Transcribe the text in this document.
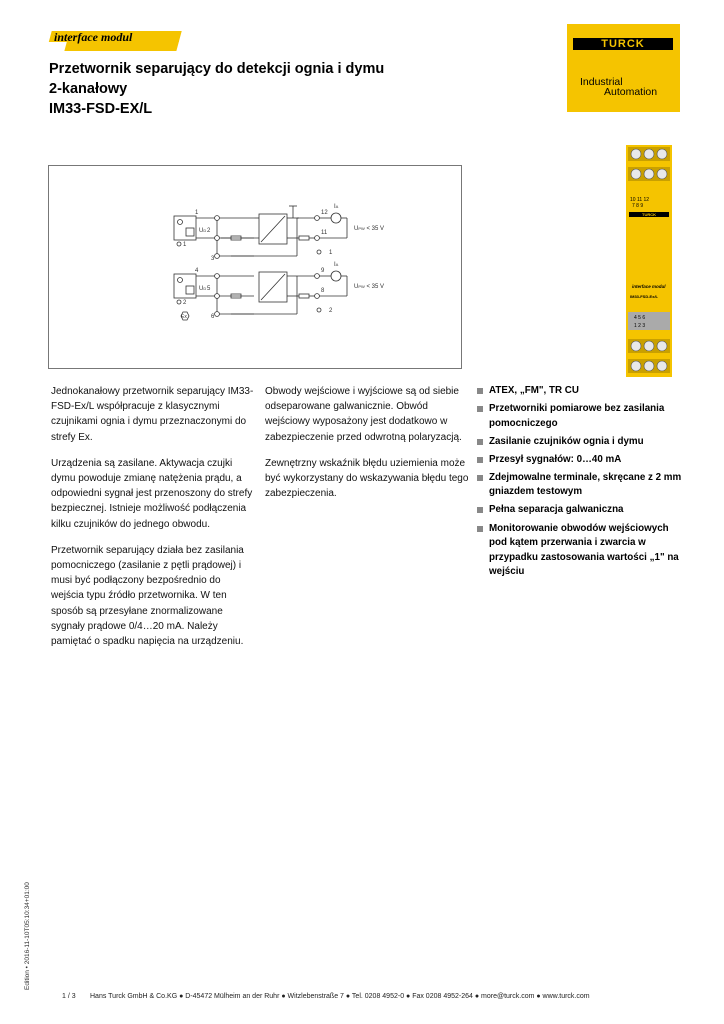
interface modul
Przetwornik separujący do detekcji ognia i dymu
2-kanałowy
IM33-FSD-EX/L
Industrial
Automation
TURCK
1
2
3
12
11
UD
IA
UPW < 35 V
1
1
4
5
6
9
8
UD
IA
UPW < 35 V
2
2
Ex
10 11 12
7 8 9
TURCK
interface modul
IM33-FSD-Ex/L
4 5 6
1 2 3

Jednokanałowy przetwornik separujący IM33-FSD-Ex/L współpracuje z klasycznymi czujnikami ognia i dymu przeznaczonymi do strefy Ex.

Urządzenia są zasilane. Aktywacja czujki dymu powoduje zmianę natężenia prądu, a odpowiedni sygnał jest przenoszony do strefy bezpiecznej. Istnieje możliwość podłączenia kilku czujników do jednego obwodu.

Przetwornik separujący działa bez zasilania pomocniczego (zasilanie z pętli prądowej) i musi być podłączony bezpośrednio do wejścia typu źródło przetwornika. W ten sposób są przesyłane znormalizowane sygnały prądowe 0/4…20 mA. Należy pamiętać o spadku napięcia na urządzeniu.

Obwody wejściowe i wyjściowe są od siebie odseparowane galwanicznie. Obwód wejściowy wyposażony jest dodatkowo w zabezpieczenie przed odwrotną polaryzacją.

Zewnętrzny wskaźnik błędu uziemienia może być wykorzystany do wskazywania błędu tego zabezpieczenia.

ATEX, „FM", TR CU
Przetworniki pomiarowe bez zasilania pomocniczego
Zasilanie czujników ognia i dymu
Przesył sygnałów: 0…40 mA
Zdejmowalne terminale, skręcane z 2 mm gniazdem testowym
Pełna separacja galwaniczna
Monitorowanie obwodów wejściowych pod kątem przerwania i zwarcia w przypadku zastosowania wartości „1" na wejściu
Edition • 2016-11-10T05:10:34+01:00
1 / 3 Hans Turck GmbH & Co.KG ● D-45472 Mülheim an der Ruhr ● Witzlebenstraße 7 ● Tel. 0208 4952-0 ● Fax 0208 4952-264 ● more@turck.com ● www.turck.com
